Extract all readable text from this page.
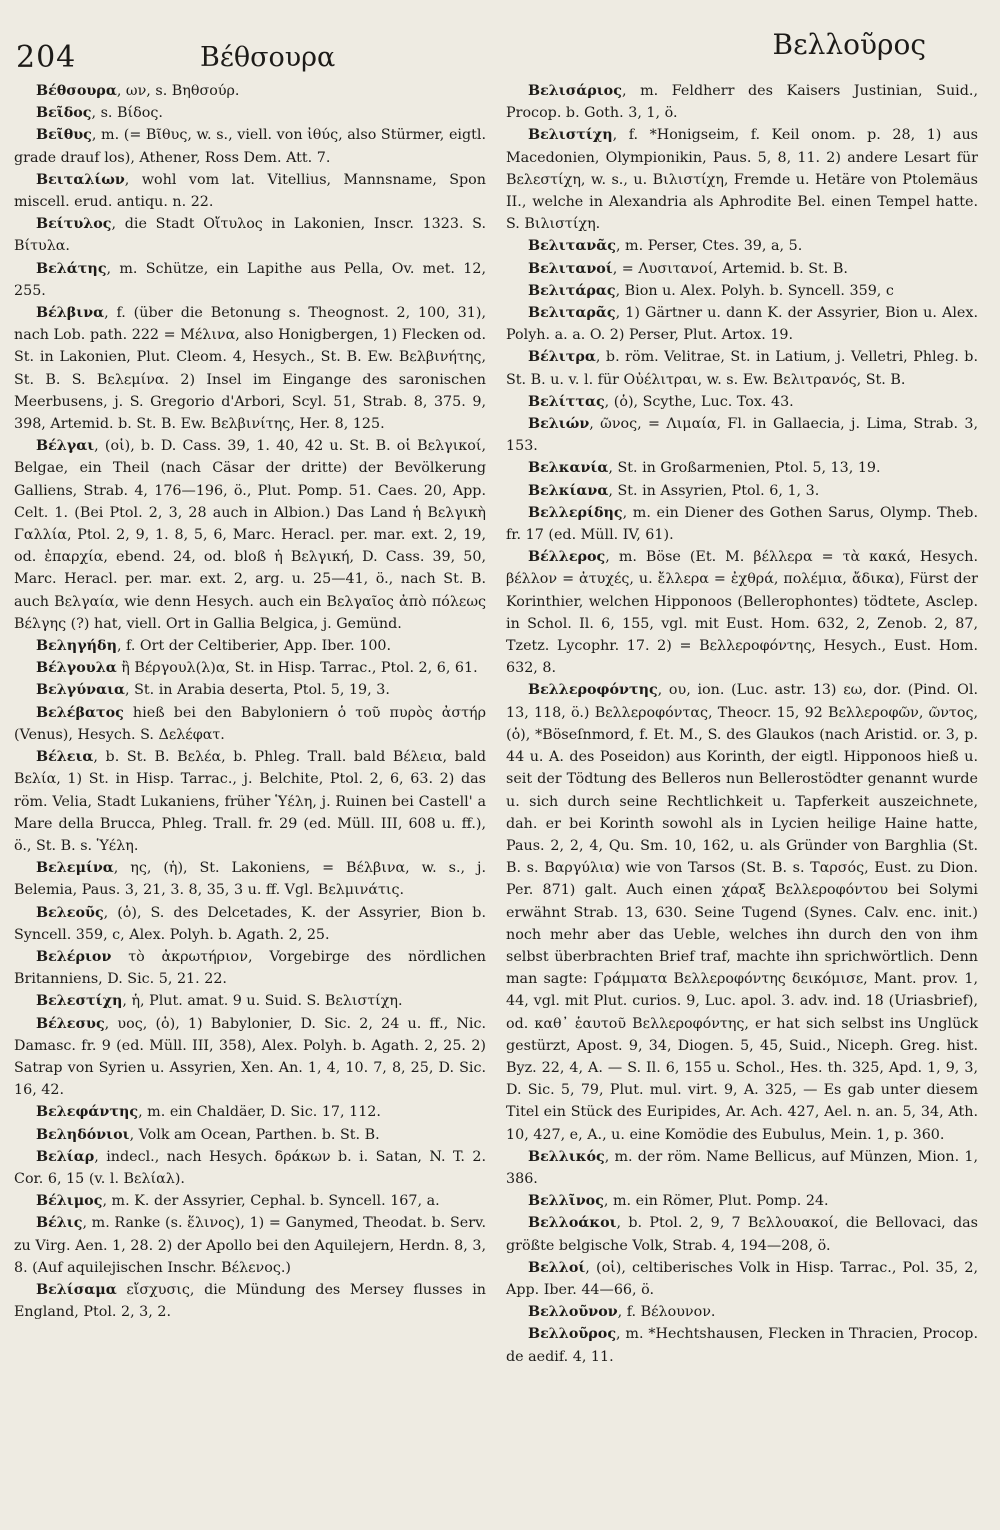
204	Βέθσουρα	Βελλοῦρος

Βέθσουρα, ων, s. Βηθσούρ.

Βεῖδος, s. Βίδος.

Βεῖθυς, m. (= Βῖθυς, w. s., viell. von ἰθύς, also Stürmer, eigtl. grade drauf los), Athener, Ross Dem. Att. 7.

Βειταλίων, wohl vom lat. Vitellius, Mannsname, Spon miscell. erud. antiqu. n. 22.

Βείτυλος, die Stadt Οἴτυλος in Lakonien, Inscr. 1323. S. Βίτυλα.

Βελάτης, m. Schütze, ein Lapithe aus Pella, Ov. met. 12, 255.

Βέλβινα, f. (über die Betonung s. Theognost. 2, 100, 31), nach Lob. path. 222 = Μέλινα, also Honigbergen, 1) Flecken od. St. in Lakonien, Plut. Cleom. 4, Hesych., St. B. Ew. Βελβινήτης, St. B. S. Βελεμίνα. 2) Insel im Eingange des saronischen Meerbusens, j. S. Gregorio d'Arbori, Scyl. 51, Strab. 8, 375. 9, 398, Artemid. b. St. B. Ew. Βελβινίτης, Her. 8, 125.

Βέλγαι, (οἱ), b. D. Cass. 39, 1. 40, 42 u. St. B. οἱ Βελγικοί, Belgae, ein Theil (nach Cäsar der dritte) der Bevölkerung Galliens, Strab. 4, 176—196, ö., Plut. Pomp. 51. Caes. 20, App. Celt. 1. (Bei Ptol. 2, 3, 28 auch in Albion.) Das Land ἡ Βελγικὴ Γαλλία, Ptol. 2, 9, 1. 8, 5, 6, Marc. Heracl. per. mar. ext. 2, 19, od. ἐπαρχία, ebend. 24, od. bloß ἡ Βελγική, D. Cass. 39, 50, Marc. Heracl. per. mar. ext. 2, arg. u. 25—41, ö., nach St. B. auch Βελγαία, wie denn Hesych. auch ein Βελγαῖος ἀπὸ πόλεως Βέλγης (?) hat, viell. Ort in Gallia Belgica, j. Gemünd.

Βεληγήδη, f. Ort der Celtiberier, App. Iber. 100.

Βέλγουλα ἢ Βέργουλ(λ)α, St. in Hisp. Tarrac., Ptol. 2, 6, 61.

Βελγύναια, St. in Arabia deserta, Ptol. 5, 19, 3.

Βελέβατος hieß bei den Babyloniern ὁ τοῦ πυρὸς ἀστήρ (Venus), Hesych. S. Δελέφατ.

Βέλεια, b. St. B. Βελέα, b. Phleg. Trall. bald Βέλεια, bald Βελία, 1) St. in Hisp. Tarrac., j. Belchite, Ptol. 2, 6, 63. 2) das röm. Velia, Stadt Lukaniens, früher Ὑέλη, j. Ruinen bei Castell' a Mare della Brucca, Phleg. Trall. fr. 29 (ed. Müll. III, 608 u. ff.), ö., St. B. s. Ὑέλη.

Βελεμίνα, ης, (ἡ), St. Lakoniens, = Βέλβινα, w. s., j. Belemia, Paus. 3, 21, 3. 8, 35, 3 u. ff. Vgl. Βελμινάτις.

Βελεοῦς, (ὁ), S. des Delcetades, K. der Assyrier, Bion b. Syncell. 359, c, Alex. Polyh. b. Agath. 2, 25.

Βελέριον τὸ ἀκρωτήριον, Vorgebirge des nördlichen Britanniens, D. Sic. 5, 21. 22.

Βελεστίχη, ἡ, Plut. amat. 9 u. Suid. S. Βελιστίχη.

Βέλεσυς, υος, (ὁ), 1) Babylonier, D. Sic. 2, 24 u. ff., Nic. Damasc. fr. 9 (ed. Müll. III, 358), Alex. Polyh. b. Agath. 2, 25. 2) Satrap von Syrien u. Assyrien, Xen. An. 1, 4, 10. 7, 8, 25, D. Sic. 16, 42.

Βελεφάντης, m. ein Chaldäer, D. Sic. 17, 112.

Βεληδόνιοι, Volk am Ocean, Parthen. b. St. B.

Βελίαρ, indecl., nach Hesych. δράκων b. i. Satan, N. T. 2. Cor. 6, 15 (v. l. Βελίαλ).

Βέλιμος, m. K. der Assyrier, Cephal. b. Syncell. 167, a.

Βέλις, m. Ranke (s. ἕλινος), 1) = Ganymed, Theodat. b. Serv. zu Virg. Aen. 1, 28. 2) der Apollo bei den Aquilejern, Herdn. 8, 3, 8. (Auf aquilejischen Inschr. Βέλενος.)

Βελίσαμα εἴσχυσις, die Mündung des Mersey flusses in England, Ptol. 2, 3, 2.

Βελισάριος, m. Feldherr des Kaisers Justinian, Suid., Procop. b. Goth. 3, 1, ö.

Βελιστίχη, f. *Honigseim, f. Keil onom. p. 28, 1) aus Macedonien, Olympionikin, Paus. 5, 8, 11. 2) andere Lesart für Βελεστίχη, w. s., u. Βιλιστίχη, Fremde u. Hetäre von Ptolemäus II., welche in Alexandria als Aphrodite Bel. einen Tempel hatte. S. Βιλιστίχη.

Βελιτανᾶς, m. Perser, Ctes. 39, a, 5.

Βελιτανοί, = Λυσιτανοί, Artemid. b. St. B.

Βελιτάρας, Bion u. Alex. Polyh. b. Syncell. 359, c

Βελιταρᾶς, 1) Gärtner u. dann K. der Assyrier, Bion u. Alex. Polyh. a. a. O. 2) Perser, Plut. Artox. 19.

Βέλιτρα, b. röm. Velitrae, St. in Latium, j. Velletri, Phleg. b. St. B. u. v. l. für Οὐέλιτραι, w. s. Ew. Βελιτρανός, St. B.

Βελίττας, (ὁ), Scythe, Luc. Tox. 43.

Βελιών, ῶνος, = Λιμαία, Fl. in Gallaecia, j. Lima, Strab. 3, 153.

Βελκανία, St. in Großarmenien, Ptol. 5, 13, 19.

Βελκίανα, St. in Assyrien, Ptol. 6, 1, 3.

Βελλερίδης, m. ein Diener des Gothen Sarus, Olymp. Theb. fr. 17 (ed. Müll. IV, 61).

Βέλλερος, m. Böse (Et. M. βέλλερα = τὰ κακά, Hesych. βέλλον = ἀτυχές, u. ἔλλερα = ἐχθρά, πολέμια, ἄδικα), Fürst der Korinthier, welchen Hipponoos (Bellerophontes) tödtete, Asclep. in Schol. Il. 6, 155, vgl. mit Eust. Hom. 632, 2, Zenob. 2, 87, Tzetz. Lycophr. 17. 2) = Βελλεροφόντης, Hesych., Eust. Hom. 632, 8.

Βελλεροφόντης, ου, ion. (Luc. astr. 13) εω, dor. (Pind. Ol. 13, 118, ö.) Βελλεροφόντας, Theocr. 15, 92 Βελλεροφῶν, ῶντος, (ὁ), *Böseſnmord, f. Et. M., S. des Glaukos (nach Aristid. or. 3, p. 44 u. A. des Poseidon) aus Korinth, der eigtl. Hipponoos hieß u. seit der Tödtung des Belleros nun Bellerostödter genannt wurde u. sich durch seine Rechtlichkeit u. Tapferkeit auszeichnete, dah. er bei Korinth sowohl als in Lycien heilige Haine hatte, Paus. 2, 2, 4, Qu. Sm. 10, 162, u. als Gründer von Barghlia (St. B. s. Βαργύλια) wie von Tarsos (St. B. s. Ταρσός, Eust. zu Dion. Per. 871) galt. Auch einen χάραξ Βελλεροφόντου bei Solymi erwähnt Strab. 13, 630. Seine Tugend (Synes. Calv. enc. init.) noch mehr aber das Ueble, welches ihn durch den von ihm selbst überbrachten Brief traf, machte ihn sprichwörtlich. Denn man sagte: Γράμματα Βελλεροφόντης δεικόμισε, Mant. prov. 1, 44, vgl. mit Plut. curios. 9, Luc. apol. 3. adv. ind. 18 (Uriasbrief), od. καθ᾽ ἑαυτοῦ Βελλεροφόντης, er hat sich selbst ins Unglück gestürzt, Apost. 9, 34, Diogen. 5, 45, Suid., Niceph. Greg. hist. Byz. 22, 4, A. — S. Il. 6, 155 u. Schol., Hes. th. 325, Apd. 1, 9, 3, D. Sic. 5, 79, Plut. mul. virt. 9, A. 325, — Es gab unter diesem Titel ein Stück des Euripides, Ar. Ach. 427, Ael. n. an. 5, 34, Ath. 10, 427, e, A., u. eine Komödie des Eubulus, Mein. 1, p. 360.

Βελλικός, m. der röm. Name Bellicus, auf Münzen, Mion. 1, 386.

Βελλῖνος, m. ein Römer, Plut. Pomp. 24.

Βελλοάκοι, b. Ptol. 2, 9, 7 Βελλουακοί, die Bellovaci, das größte belgische Volk, Strab. 4, 194—208, ö.

Βελλοί, (οἱ), celtiberisches Volk in Hisp. Tarrac., Pol. 35, 2, App. Iber. 44—66, ö.

Βελλοῦνον, f. Βέλουνον.

Βελλοῦρος, m. *Hechtshausen, Flecken in Thracien, Procop. de aedif. 4, 11.
